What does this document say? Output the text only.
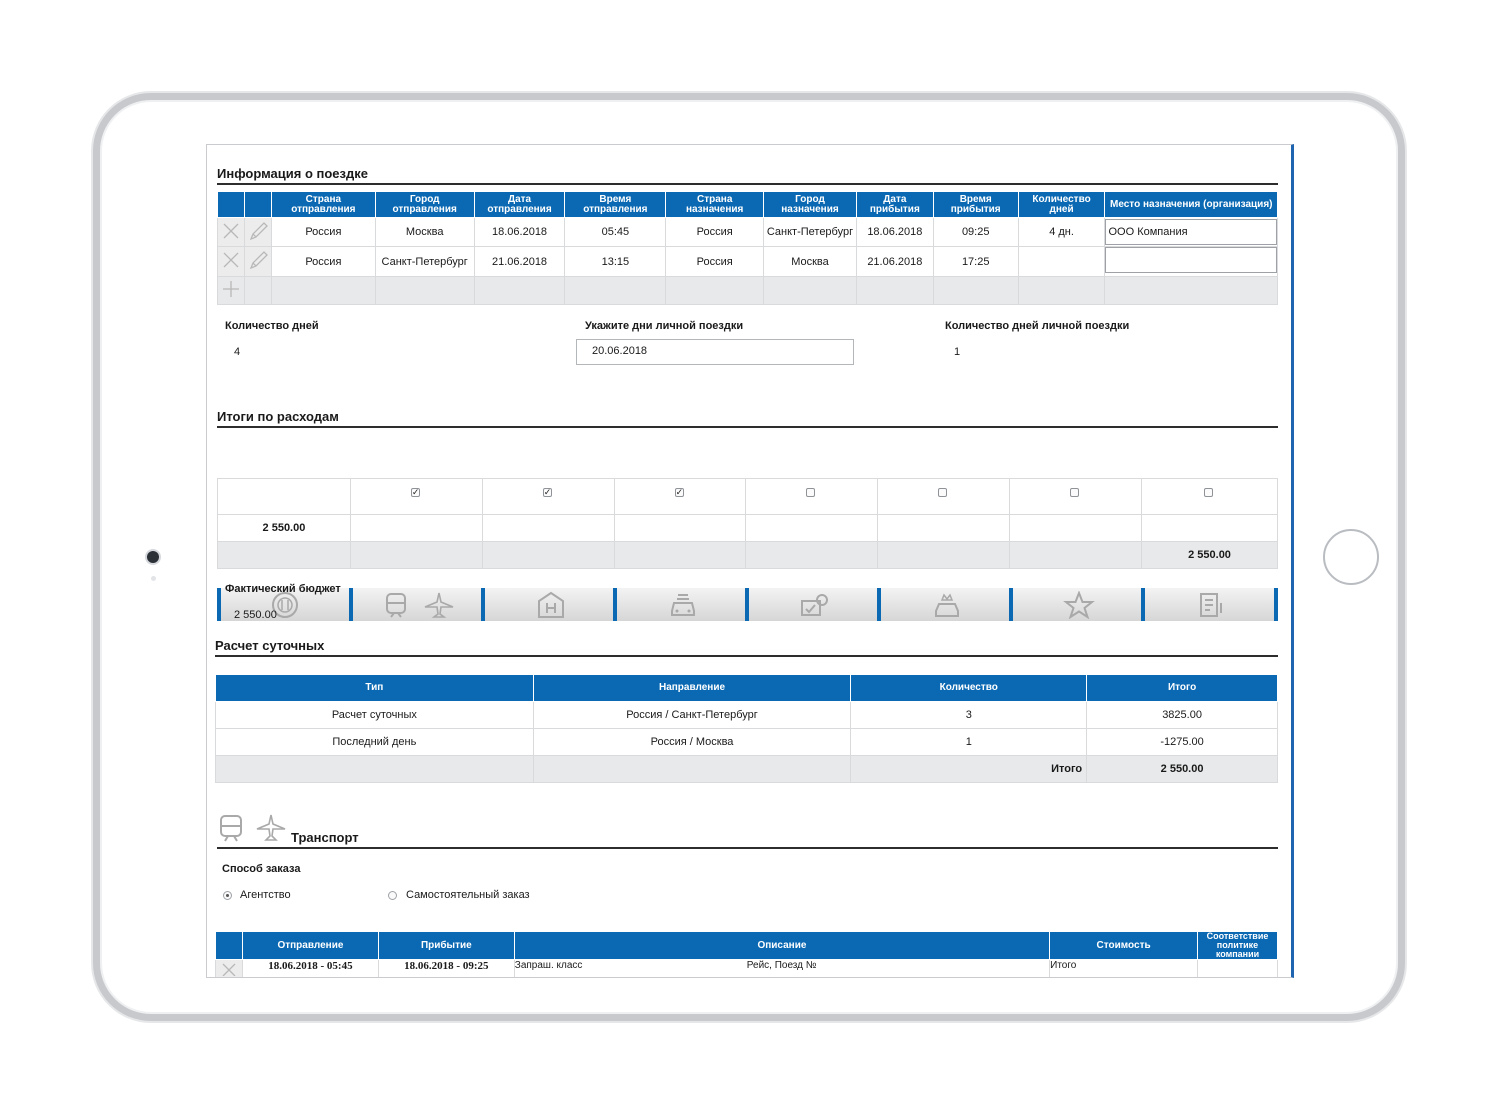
Информация о поездке
		Страна отправления	Город отправления	Дата отправления	Время отправления	Страна назначения	Город назначения	Дата прибытия	Время прибытия	Количество дней	Место назначения (организация)
		Россия	Москва	18.06.2018	05:45	Россия	Санкт-Петербург	18.06.2018	09:25	4 дн.	ООО Компания
		Россия	Санкт-Петербург	21.06.2018	13:15	Россия	Москва	21.06.2018	17:25		

Количество дней
4
Укажите дни личной поездки
20.06.2018
Количество дней личной поездки
1
Итоги по расходам

	✓	✓	✓				

2 550.00							
							2 550.00
Фактический бюджет
2 550.00
Расчет суточных
Тип	Направление	Количество	Итого
Расчет суточных	Россия / Санкт-Петербург	3	3825.00
Последний день	Россия / Москва	1	-1275.00
		Итого	2 550.00
Транспорт
Способ заказа
Агентство	Самостоятельный заказ
	Отправление	Прибытие	Описание	Стоимость	Соответствие политике компании
	18.06.2018 - 05:45	18.06.2018 - 09:25	Запраш. класс Рейс, Поезд №	Итого	
